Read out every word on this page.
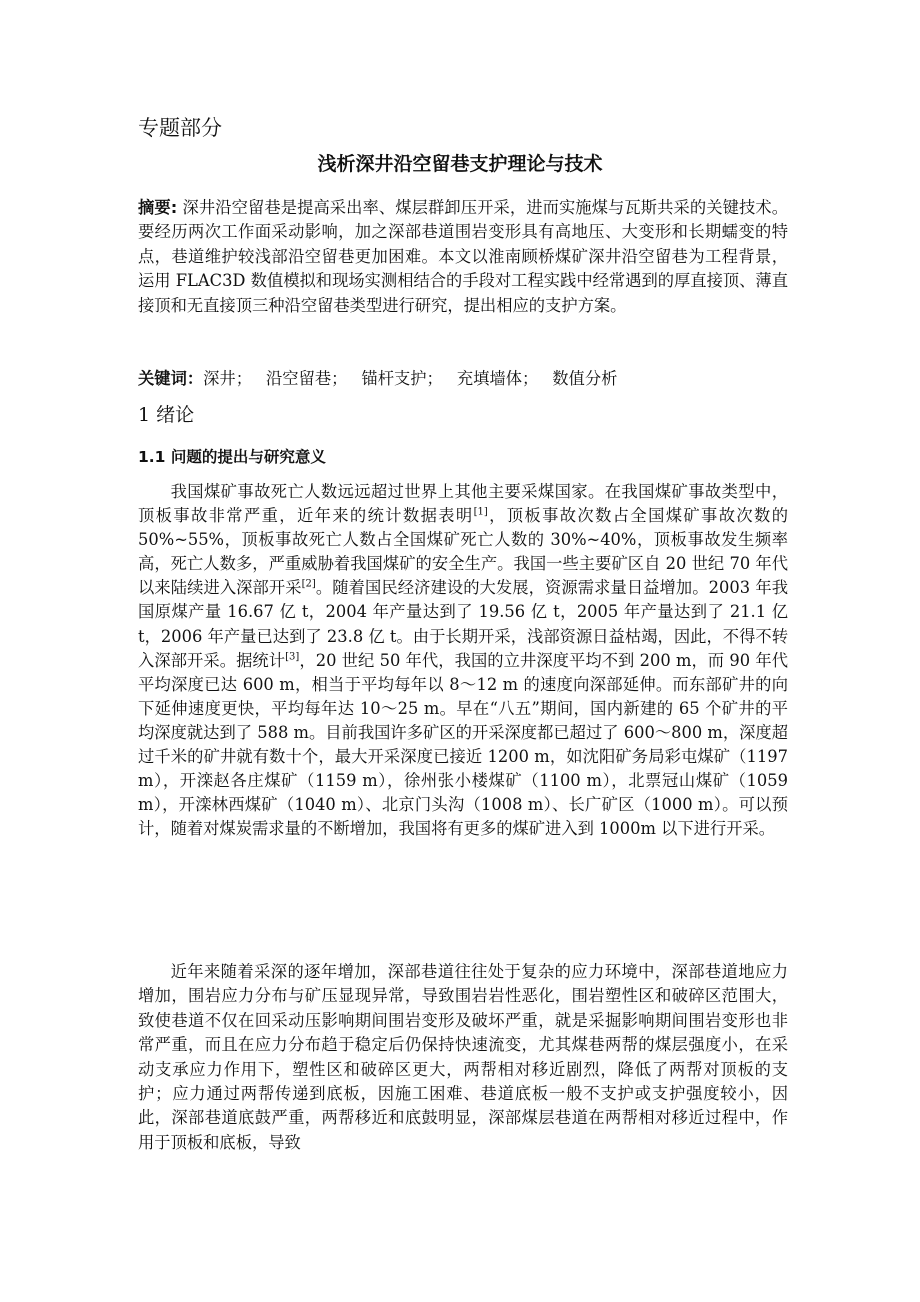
专题部分
浅析深井沿空留巷支护理论与技术
摘要: 深井沿空留巷是提高采出率、煤层群卸压开采，进而实施煤与瓦斯共采的关键技术。要经历两次工作面采动影响，加之深部巷道围岩变形具有高地压、大变形和长期蠕变的特点，巷道维护较浅部沿空留巷更加困难。本文以淮南顾桥煤矿深井沿空留巷为工程背景，运用 FLAC3D 数值模拟和现场实测相结合的手段对工程实践中经常遇到的厚直接顶、薄直接顶和无直接顶三种沿空留巷类型进行研究，提出相应的支护方案。
关键词：深井； 沿空留巷； 锚杆支护； 充填墙体； 数值分析
1 绪论
1.1 问题的提出与研究意义

我国煤矿事故死亡人数远远超过世界上其他主要采煤国家。在我国煤矿事故类型中，顶板事故非常严重，近年来的统计数据表明[1]，顶板事故次数占全国煤矿事故次数的 50%~55%，顶板事故死亡人数占全国煤矿死亡人数的 30%~40%，顶板事故发生频率高，死亡人数多，严重威胁着我国煤矿的安全生产。我国一些主要矿区自 20 世纪 70 年代以来陆续进入深部开采[2]。随着国民经济建设的大发展，资源需求量日益增加。2003 年我国原煤产量 16.67 亿 t，2004 年产量达到了 19.56 亿 t，2005 年产量达到了 21.1 亿 t，2006 年产量已达到了 23.8 亿 t。由于长期开采，浅部资源日益枯竭，因此，不得不转入深部开采。据统计[3]，20 世纪 50 年代，我国的立井深度平均不到 200 m，而 90 年代平均深度已达 600 m，相当于平均每年以 8～12 m 的速度向深部延伸。而东部矿井的向下延伸速度更快，平均每年达 10～25 m。早在“八五”期间，国内新建的 65 个矿井的平均深度就达到了 588 m。目前我国许多矿区的开采深度都已超过了 600～800 m，深度超过千米的矿井就有数十个，最大开采深度已接近 1200 m，如沈阳矿务局彩屯煤矿（1197 m），开滦赵各庄煤矿（1159 m），徐州张小楼煤矿（1100 m），北票冠山煤矿（1059 m），开滦林西煤矿（1040 m）、北京门头沟（1008 m）、长广矿区（1000 m）。可以预计，随着对煤炭需求量的不断增加，我国将有更多的煤矿进入到 1000m 以下进行开采。

近年来随着采深的逐年增加，深部巷道往往处于复杂的应力环境中，深部巷道地应力增加，围岩应力分布与矿压显现异常，导致围岩岩性恶化，围岩塑性区和破碎区范围大，致使巷道不仅在回采动压影响期间围岩变形及破坏严重，就是采掘影响期间围岩变形也非常严重，而且在应力分布趋于稳定后仍保持快速流变，尤其煤巷两帮的煤层强度小，在采动支承应力作用下，塑性区和破碎区更大，两帮相对移近剧烈，降低了两帮对顶板的支护；应力通过两帮传递到底板，因施工困难、巷道底板一般不支护或支护强度较小，因此，深部巷道底鼓严重，两帮移近和底鼓明显，深部煤层巷道在两帮相对移近过程中，作用于顶板和底板，导致
